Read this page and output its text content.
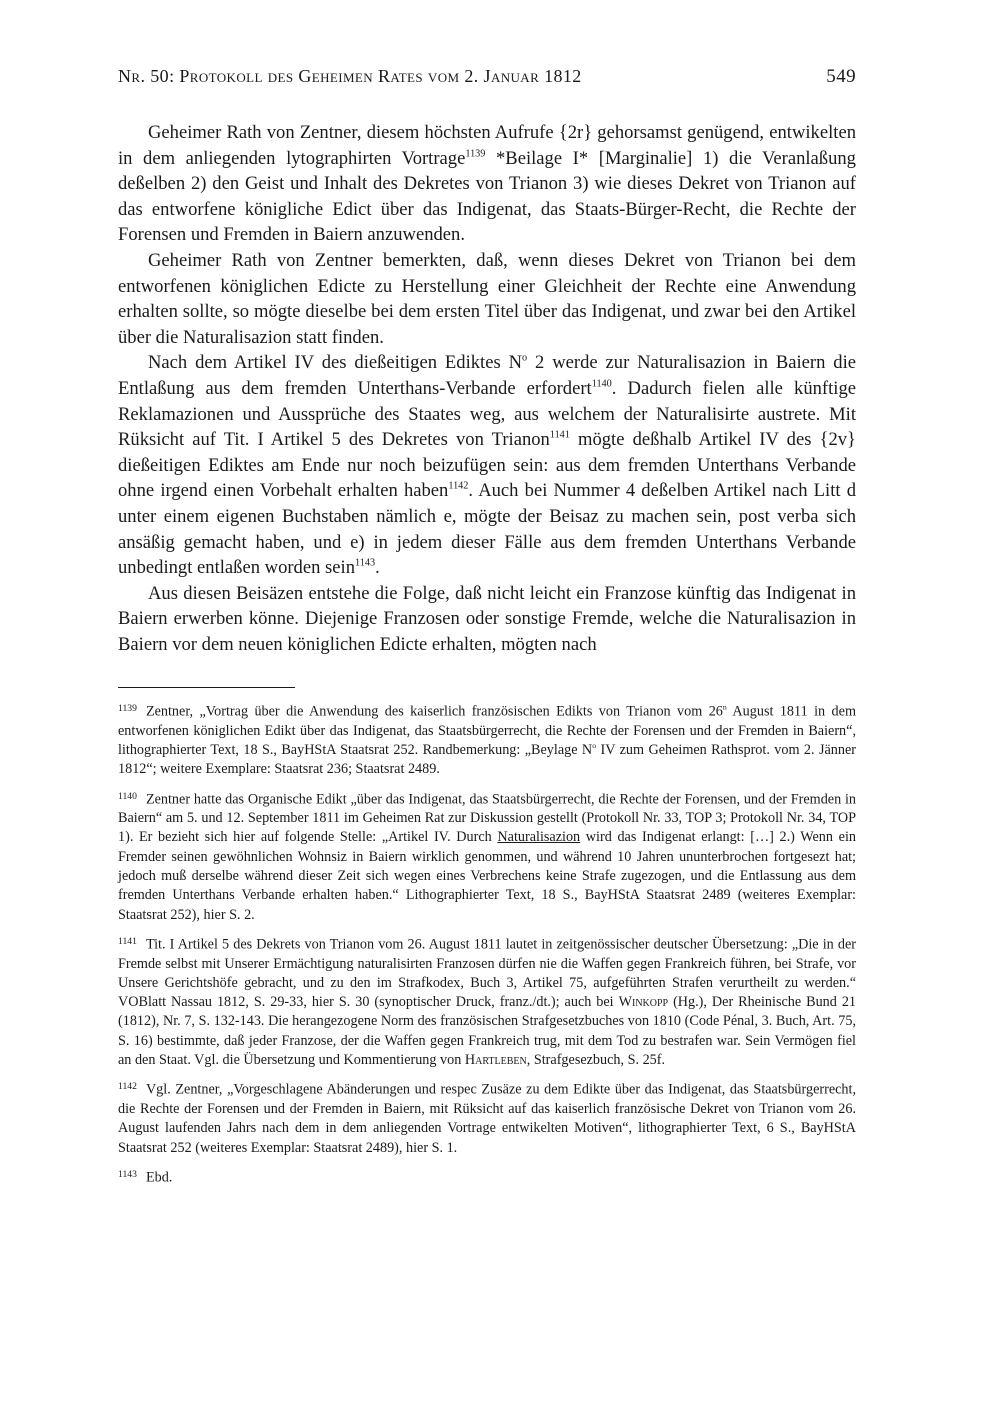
Nr. 50: Protokoll des Geheimen Rates vom 2. Januar 1812	549

Geheimer Rath von Zentner, diesem höchsten Aufrufe {2r} gehorsamst genügend, entwikelten in dem anliegenden lytographirten Vortrage$^{1139}$ *Beilage I* [Marginalie] 1) die Veranlaßung deßelben 2) den Geist und Inhalt des Dekretes von Trianon 3) wie dieses Dekret von Trianon auf das entworfene königliche Edict über das Indigenat, das Staats-Bürger-Recht, die Rechte der Forensen und Fremden in Baiern anzuwenden.

Geheimer Rath von Zentner bemerkten, daß, wenn dieses Dekret von Trianon bei dem entworfenen königlichen Edicte zu Herstellung einer Gleichheit der Rechte eine Anwendung erhalten sollte, so mögte dieselbe bei dem ersten Titel über das Indigenat, und zwar bei den Artikel über die Naturalisazion statt finden.

Nach dem Artikel IV des dießeitigen Ediktes $N^o$ 2 werde zur Naturalisazion in Baiern die Entlaßung aus dem fremden Unterthans-Verbande erfordert$^{1140}$. Dadurch fielen alle künftige Reklamazionen und Aussprüche des Staates weg, aus welchem der Naturalisirte austrete. Mit Rüksicht auf Tit. I Artikel 5 des Dekretes von Trianon$^{1141}$ mögte deßhalb Artikel IV des {2v} dießeitigen Ediktes am Ende nur noch beizufügen sein: aus dem fremden Unterthans Verbande ohne irgend einen Vorbehalt erhalten haben$^{1142}$. Auch bei Nummer 4 deßelben Artikel nach Litt d unter einem eigenen Buchstaben nämlich e, mögte der Beisaz zu machen sein, post verba sich ansäßig gemacht haben, und e) in jedem dieser Fälle aus dem fremden Unterthans Verbande unbedingt entlaßen worden sein$^{1143}$.

Aus diesen Beisäzen entstehe die Folge, daß nicht leicht ein Franzose künftig das Indigenat in Baiern erwerben könne. Diejenige Franzosen oder sonstige Fremde, welche die Naturalisazion in Baiern vor dem neuen königlichen Edicte erhalten, mögten nach

$^{1139}$ Zentner, „Vortrag über die Anwendung des kaiserlich französischen Edikts von Trianon vom 26$^n$ August 1811 in dem entworfenen königlichen Edikt über das Indigenat, das Staatsbürgerrecht, die Rechte der Forensen und der Fremden in Baiern“, lithographierter Text, 18 S., BayHStA Staatsrat 252. Randbemerkung: „Beylage $N^o$ IV zum Geheimen Rathsprot. vom 2. Jänner 1812“; weitere Exemplare: Staatsrat 236; Staatsrat 2489.

$^{1140}$ Zentner hatte das Organische Edikt „über das Indigenat, das Staatsbürgerrecht, die Rechte der Forensen, und der Fremden in Baiern“ am 5. und 12. September 1811 im Geheimen Rat zur Diskussion gestellt (Protokoll Nr. 33, TOP 3; Protokoll Nr. 34, TOP 1). Er bezieht sich hier auf folgende Stelle: „Artikel IV. Durch Naturalisazion wird das Indigenat erlangt: […] 2.) Wenn ein Fremder seinen gewöhnlichen Wohnsiz in Baiern wirklich genommen, und während 10 Jahren ununterbrochen fortgesezt hat; jedoch muß derselbe während dieser Zeit sich wegen eines Verbrechens keine Strafe zugezogen, und die Entlassung aus dem fremden Unterthans Verbande erhalten haben.“ Lithographierter Text, 18 S., BayHStA Staatsrat 2489 (weiteres Exemplar: Staatsrat 252), hier S. 2.

$^{1141}$ Tit. I Artikel 5 des Dekrets von Trianon vom 26. August 1811 lautet in zeitgenössischer deutscher Übersetzung: „Die in der Fremde selbst mit Unserer Ermächtigung naturalisirten Franzosen dürfen nie die Waffen gegen Frankreich führen, bei Strafe, vor Unsere Gerichtshöfe gebracht, und zu den im Strafkodex, Buch 3, Artikel 75, aufgeführten Strafen verurtheilt zu werden.“ VOBlatt Nassau 1812, S. 29-33, hier S. 30 (synoptischer Druck, franz./dt.); auch bei Winkopp (Hg.), Der Rheinische Bund 21 (1812), Nr. 7, S. 132-143. Die herangezogene Norm des französischen Strafgesetzbuches von 1810 (Code Pénal, 3. Buch, Art. 75, S. 16) bestimmte, daß jeder Franzose, der die Waffen gegen Frankreich trug, mit dem Tod zu bestrafen war. Sein Vermögen fiel an den Staat. Vgl. die Übersetzung und Kommentierung von Hartleben, Strafgesezbuch, S. 25f.

$^{1142}$ Vgl. Zentner, „Vorgeschlagene Abänderungen und respec Zusäze zu dem Edikte über das Indigenat, das Staatsbürgerrecht, die Rechte der Forensen und der Fremden in Baiern, mit Rüksicht auf das kaiserlich französische Dekret von Trianon vom 26. August laufenden Jahrs nach dem in dem anliegenden Vortrage entwikelten Motiven“, lithographierter Text, 6 S., BayHStA Staatsrat 252 (weiteres Exemplar: Staatsrat 2489), hier S. 1.

$^{1143}$ Ebd.
